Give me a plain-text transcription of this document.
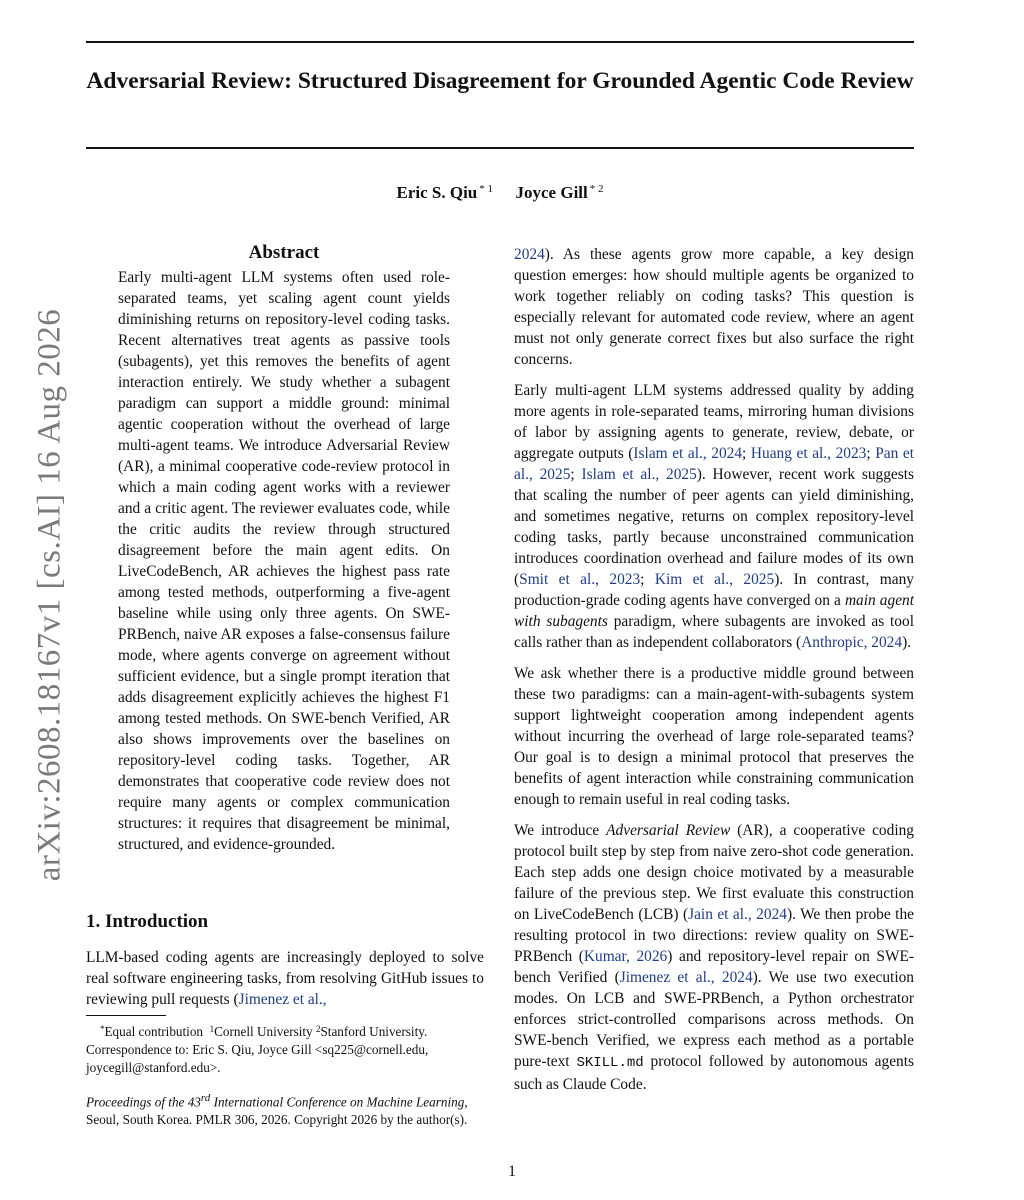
Adversarial Review: Structured Disagreement for Grounded Agentic Code Review
Eric S. Qiu $^{* 1}$ Joyce Gill $^{* 2}$
arXiv:2608.18167v1 [cs.AI] 16 Aug 2026
Abstract

Early multi-agent LLM systems often used role-separated teams, yet scaling agent count yields diminishing returns on repository-level coding tasks. Recent alternatives treat agents as passive tools (subagents), yet this removes the benefits of agent interaction entirely. We study whether a subagent paradigm can support a middle ground: minimal agentic cooperation without the overhead of large multi-agent teams. We introduce Adversarial Review (AR), a minimal cooperative code-review protocol in which a main coding agent works with a reviewer and a critic agent. The reviewer evaluates code, while the critic audits the review through structured disagreement before the main agent edits. On LiveCodeBench, AR achieves the highest pass rate among tested methods, outperforming a five-agent baseline while using only three agents. On SWE-PRBench, naive AR exposes a false-consensus failure mode, where agents converge on agreement without sufficient evidence, but a single prompt iteration that adds disagreement explicitly achieves the highest F1 among tested methods. On SWE-bench Verified, AR also shows improvements over the baselines on repository-level coding tasks. Together, AR demonstrates that cooperative code review does not require many agents or complex communication structures: it requires that disagreement be minimal, structured, and evidence-grounded.

1. Introduction

LLM-based coding agents are increasingly deployed to solve real software engineering tasks, from resolving GitHub issues to reviewing pull requests (Jimenez et al.,

*Equal contribution $^1$Cornell University $^2$Stanford University. Correspondence to: Eric S. Qiu, Joyce Gill <sq225@cornell.edu, joycegill@stanford.edu>.
Proceedings of the 43rd International Conference on Machine Learning, Seoul, South Korea. PMLR 306, 2026. Copyright 2026 by the author(s).

2024). As these agents grow more capable, a key design question emerges: how should multiple agents be organized to work together reliably on coding tasks? This question is especially relevant for automated code review, where an agent must not only generate correct fixes but also surface the right concerns.

Early multi-agent LLM systems addressed quality by adding more agents in role-separated teams, mirroring human divisions of labor by assigning agents to generate, review, debate, or aggregate outputs (Islam et al., 2024; Huang et al., 2023; Pan et al., 2025; Islam et al., 2025). However, recent work suggests that scaling the number of peer agents can yield diminishing, and sometimes negative, returns on complex repository-level coding tasks, partly because unconstrained communication introduces coordination overhead and failure modes of its own (Smit et al., 2023; Kim et al., 2025). In contrast, many production-grade coding agents have converged on a main agent with subagents paradigm, where subagents are invoked as tool calls rather than as independent collaborators (Anthropic, 2024).

We ask whether there is a productive middle ground between these two paradigms: can a main-agent-with-subagents system support lightweight cooperation among independent agents without incurring the overhead of large role-separated teams? Our goal is to design a minimal protocol that preserves the benefits of agent interaction while constraining communication enough to remain useful in real coding tasks.

We introduce Adversarial Review (AR), a cooperative coding protocol built step by step from naive zero-shot code generation. Each step adds one design choice motivated by a measurable failure of the previous step. We first evaluate this construction on LiveCodeBench (LCB) (Jain et al., 2024). We then probe the resulting protocol in two directions: review quality on SWE-PRBench (Kumar, 2026) and repository-level repair on SWE-bench Verified (Jimenez et al., 2024). We use two execution modes. On LCB and SWE-PRBench, a Python orchestrator enforces strict-controlled comparisons across methods. On SWE-bench Verified, we express each method as a portable pure-text SKILL.md protocol followed by autonomous agents such as Claude Code.

1
